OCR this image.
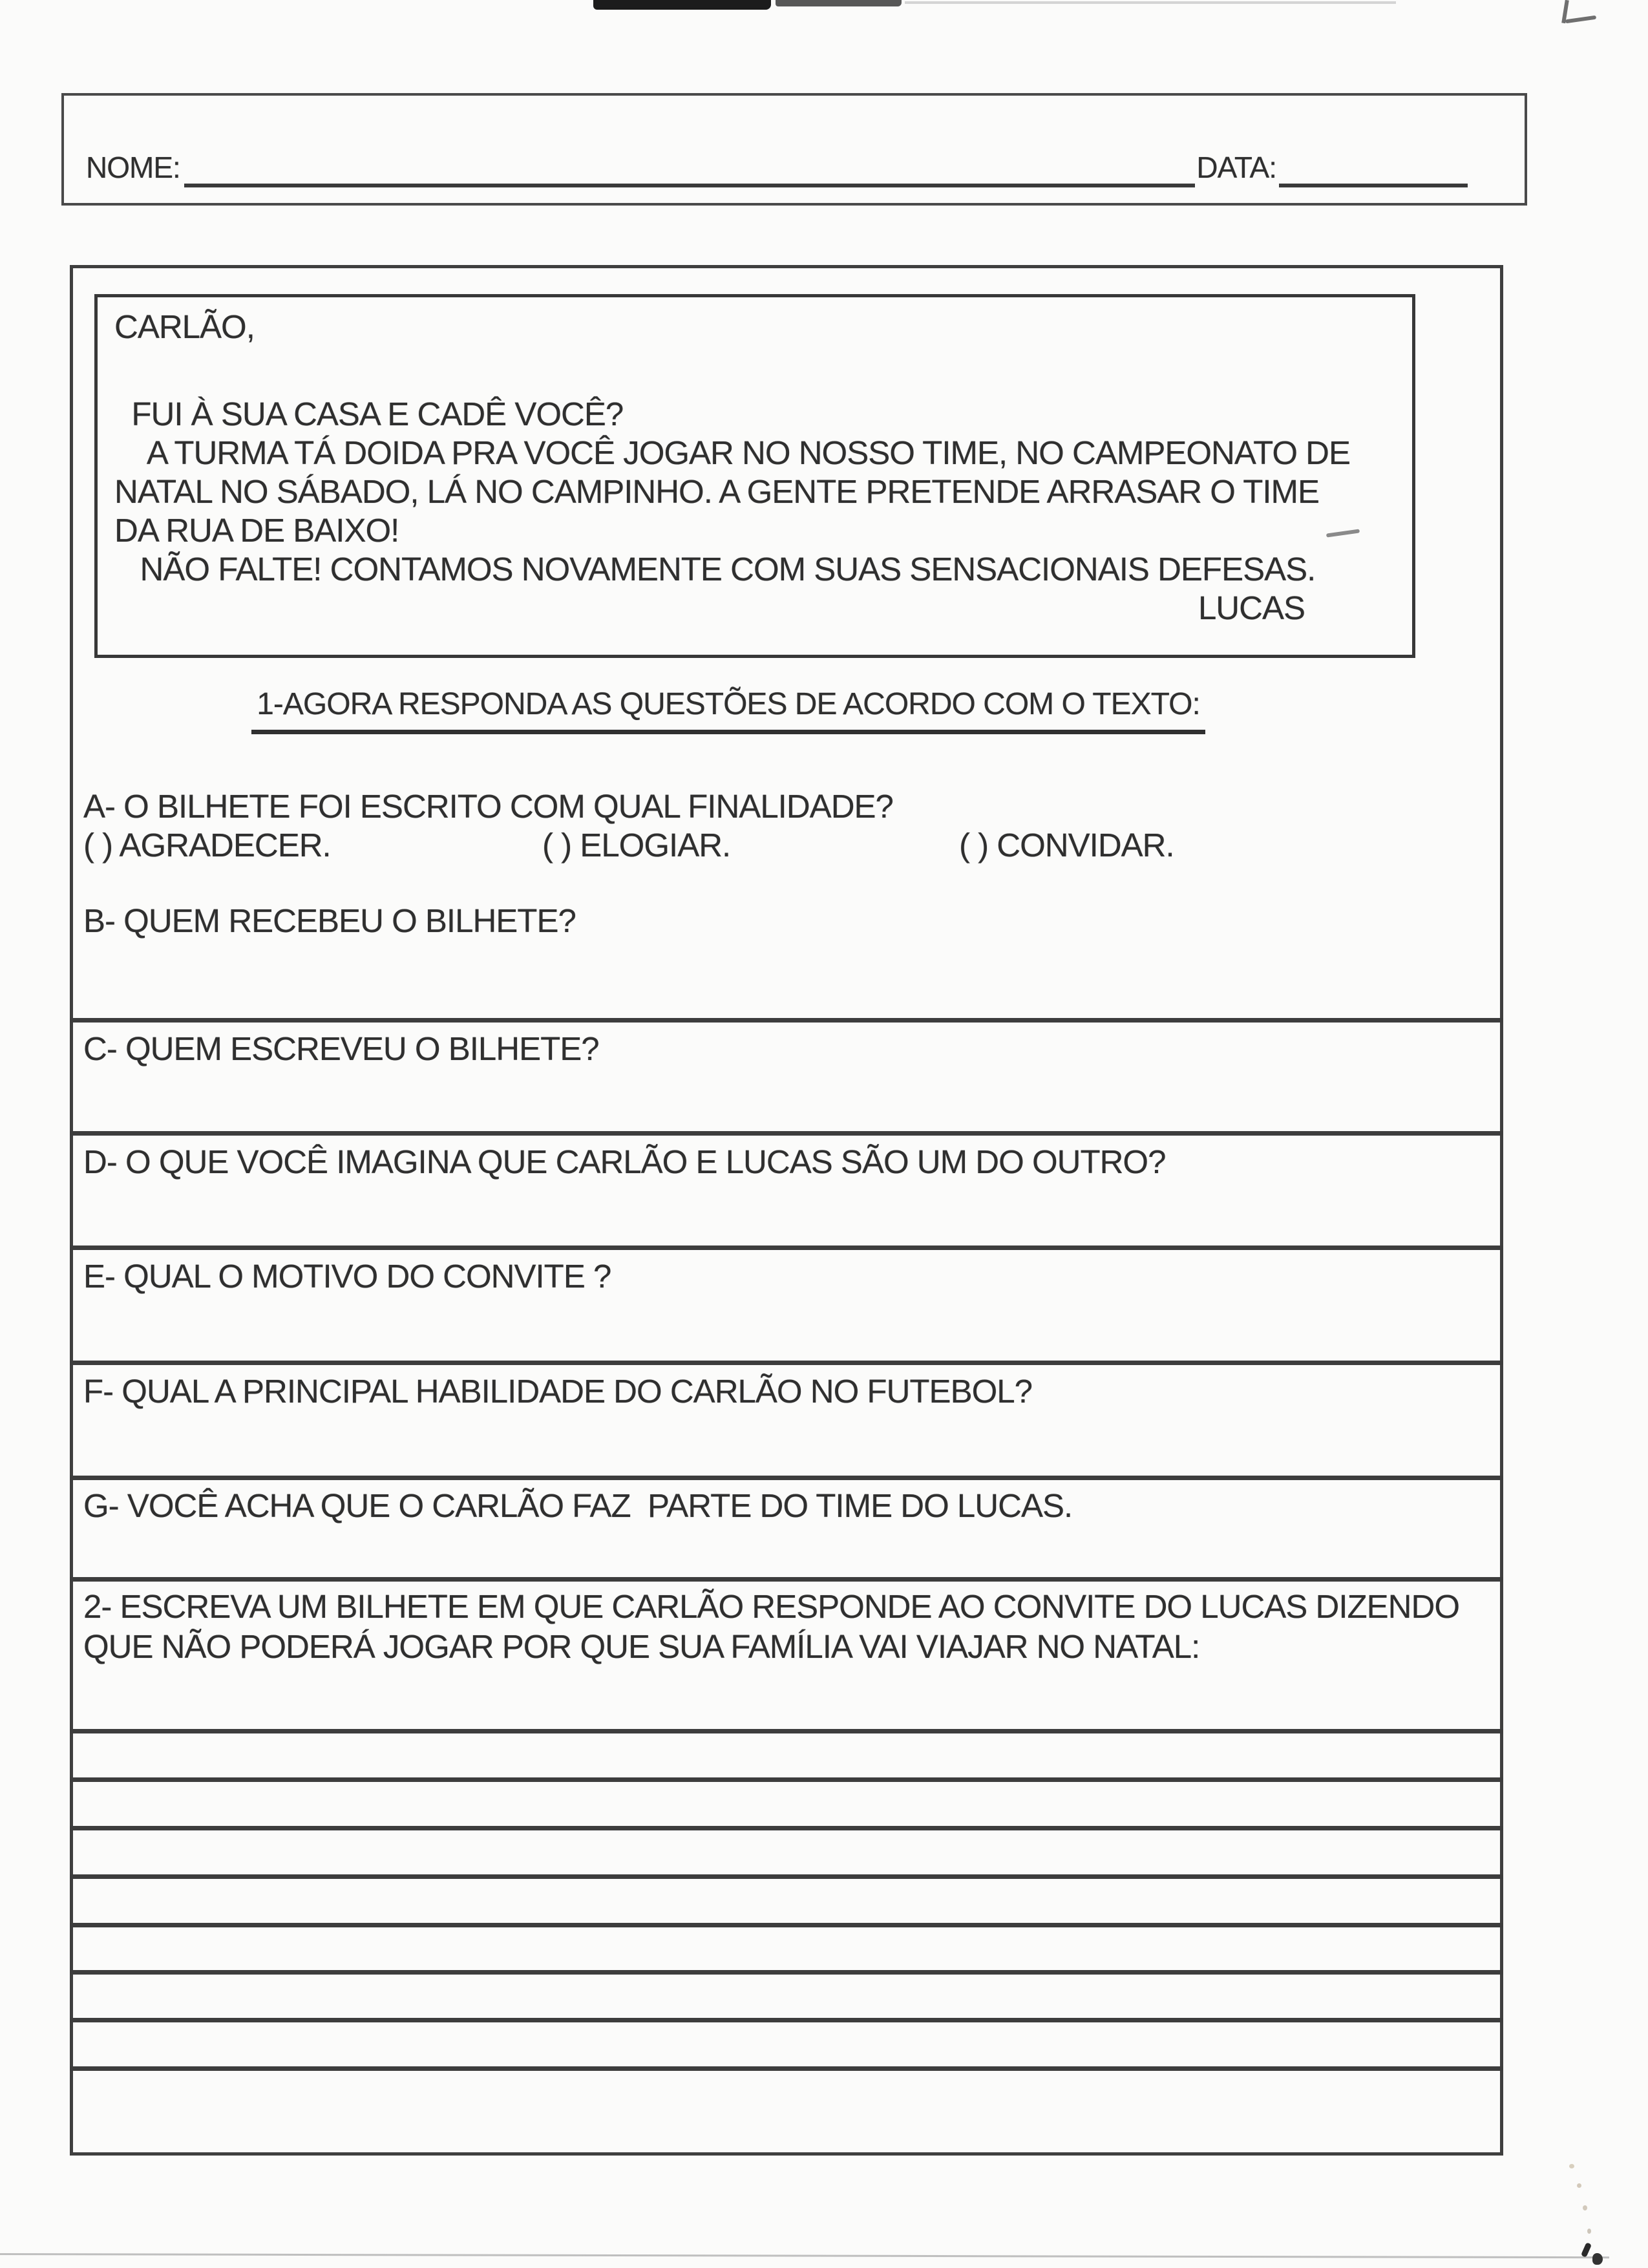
NOME:	DATA:

CARLÃO,

FUI À SUA CASA E CADÊ VOCÊ?

A TURMA TÁ DOIDA PRA VOCÊ JOGAR NO NOSSO TIME, NO CAMPEONATO DE

NATAL NO SÁBADO, LÁ NO CAMPINHO. A GENTE PRETENDE ARRASAR O TIME

DA RUA DE BAIXO!

NÃO FALTE! CONTAMOS NOVAMENTE COM SUAS SENSACIONAIS DEFESAS.

LUCAS

1-AGORA RESPONDA AS QUESTÕES DE ACORDO COM O TEXTO:

A- O BILHETE FOI ESCRITO COM QUAL FINALIDADE?

( ) AGRADECER.	( ) ELOGIAR.	( ) CONVIDAR.

B- QUEM RECEBEU O BILHETE?

C- QUEM ESCREVEU O BILHETE?

D- O QUE VOCÊ IMAGINA QUE CARLÃO E LUCAS SÃO UM DO OUTRO?

E- QUAL O MOTIVO DO CONVITE ?

F- QUAL A PRINCIPAL HABILIDADE DO CARLÃO NO FUTEBOL?

G- VOCÊ ACHA QUE O CARLÃO FAZ  PARTE DO TIME DO LUCAS.

2- ESCREVA UM BILHETE EM QUE CARLÃO RESPONDE AO CONVITE DO LUCAS DIZENDO

QUE NÃO PODERÁ JOGAR POR QUE SUA FAMÍLIA VAI VIAJAR NO NATAL:
